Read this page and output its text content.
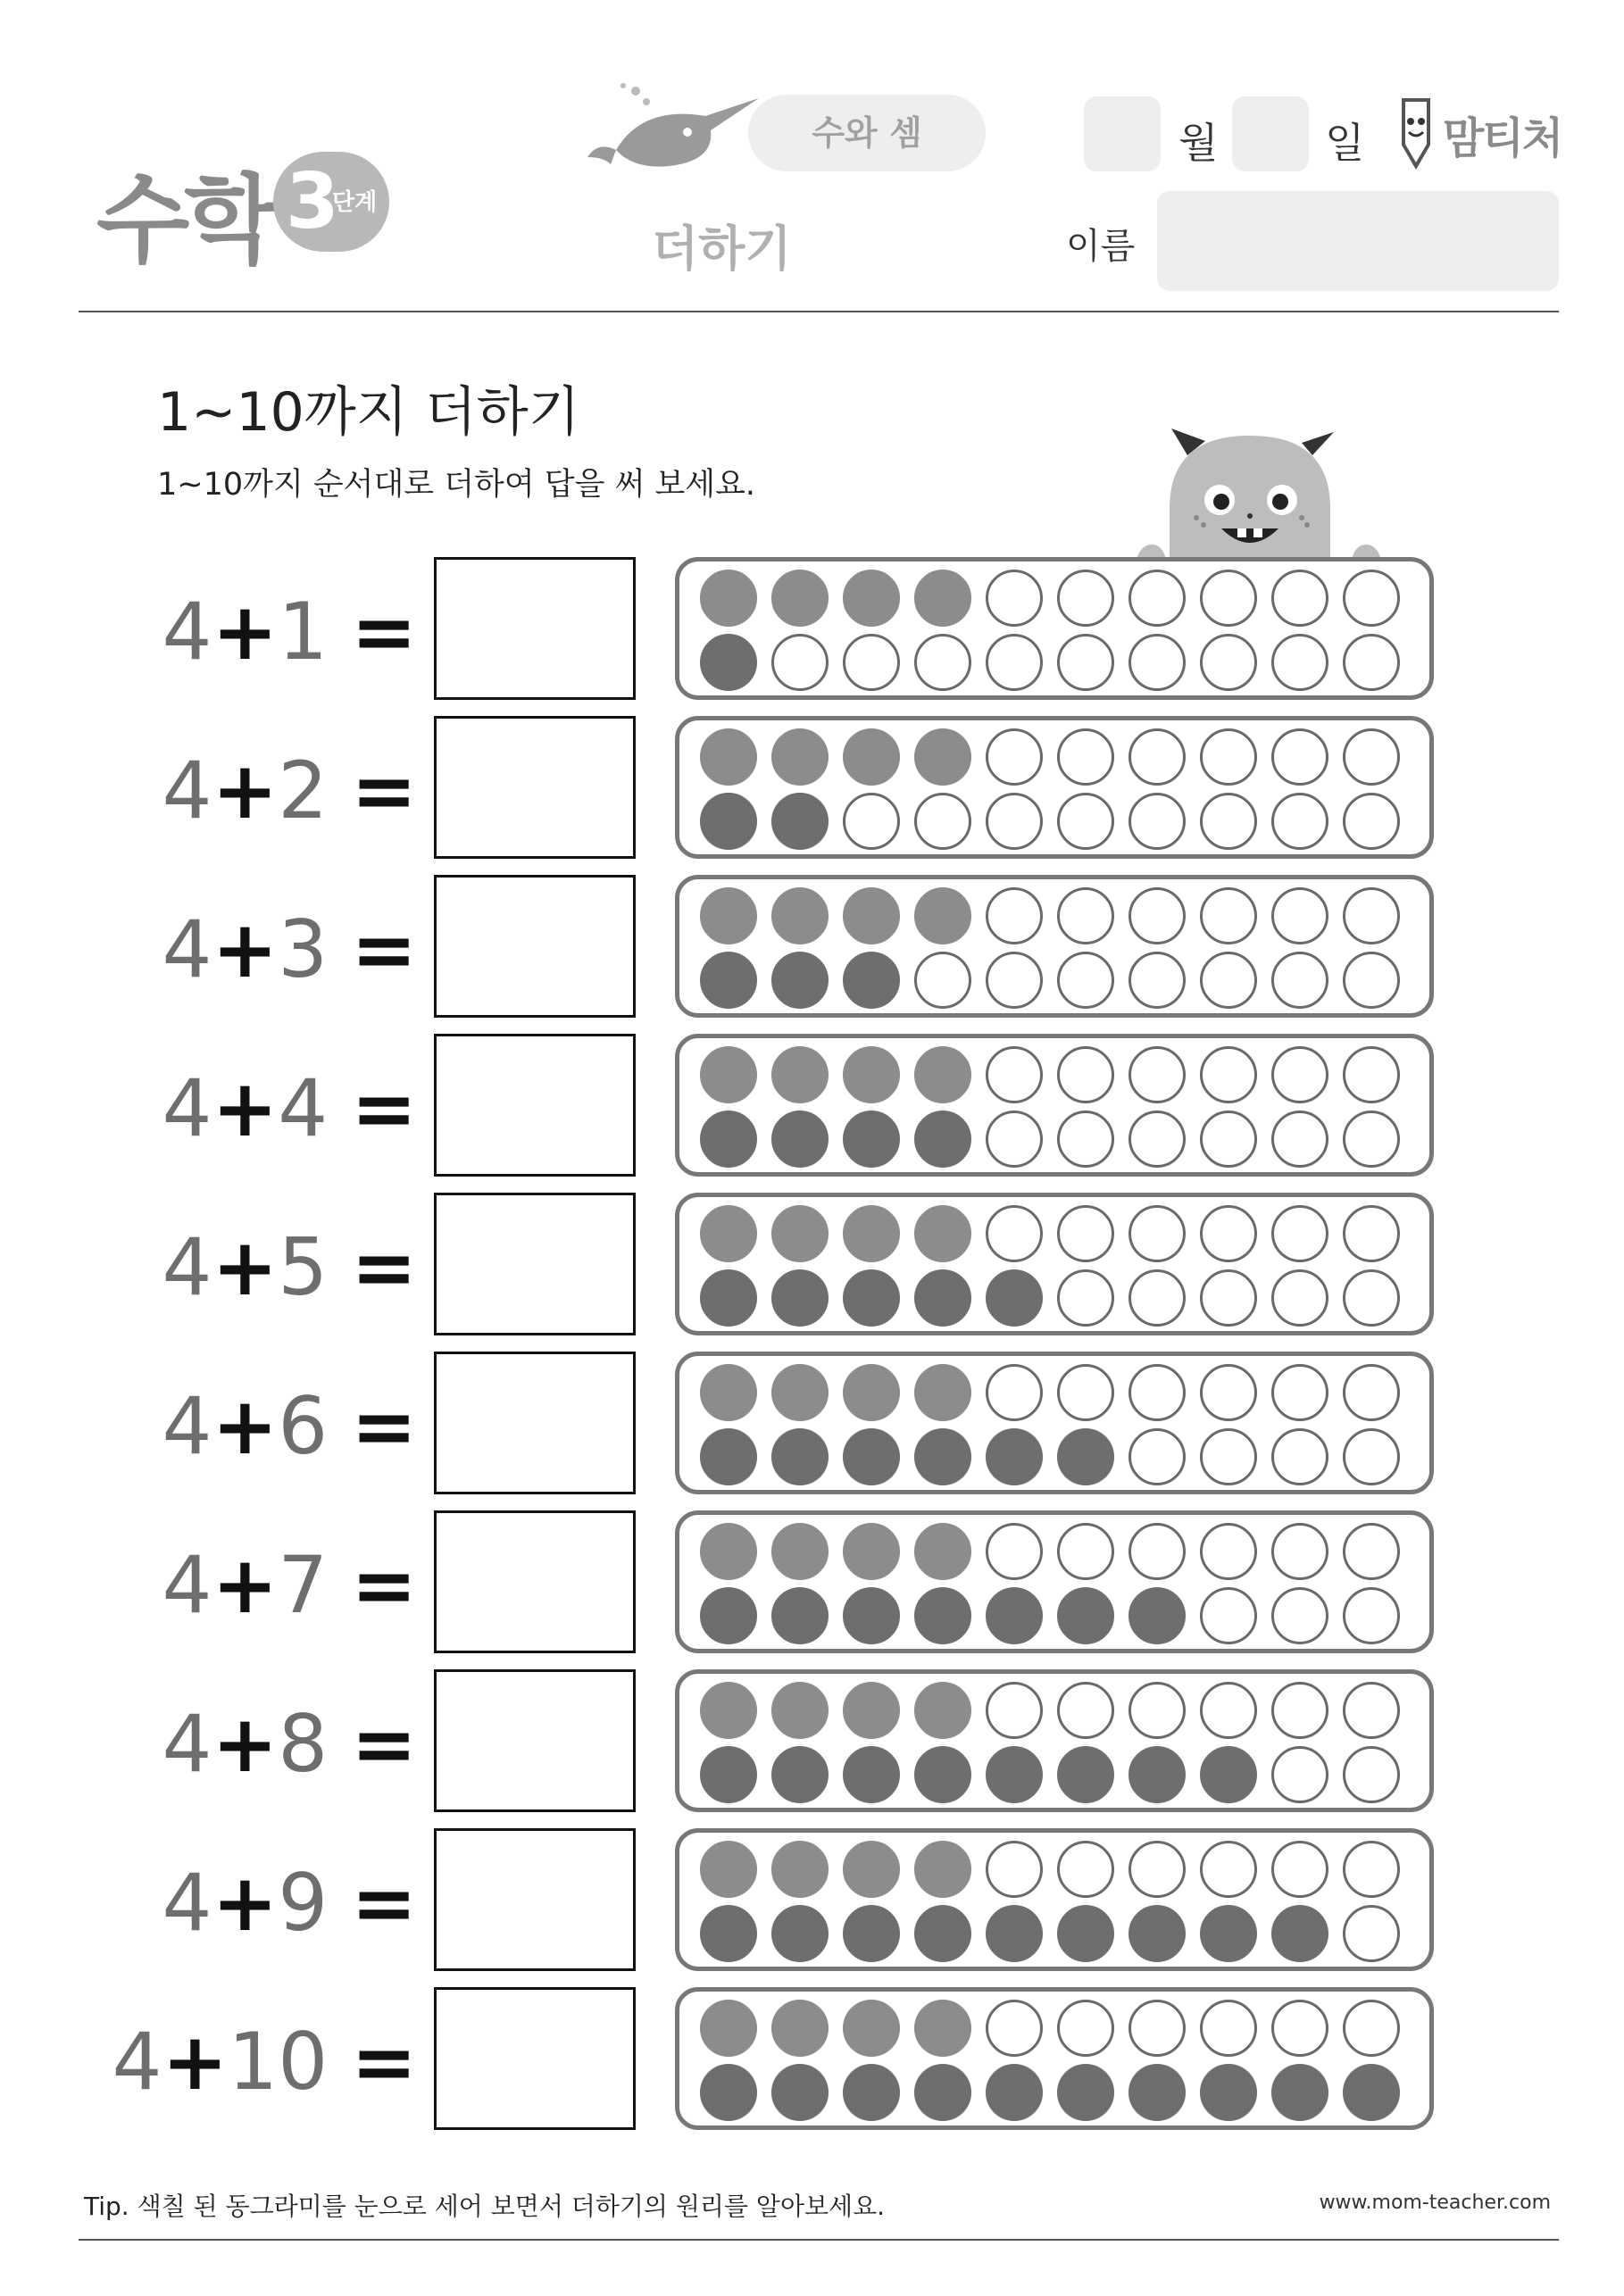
수학 3
단계
수와 셈
더하기
월	일 맘티처
이름
1~10까지 더하기
1~10까지 순서대로 더하여 답을 써 보세요.
4+1 =
4+2 =
4+3 =
4+4 =
4+5 =
4+6 =
4+7 =
4+8 =
4+9 =
4+10 =
Tip. 색칠 된 동그라미를 눈으로 세어 보면서 더하기의 원리를 알아보세요.	www.mom-teacher.com
